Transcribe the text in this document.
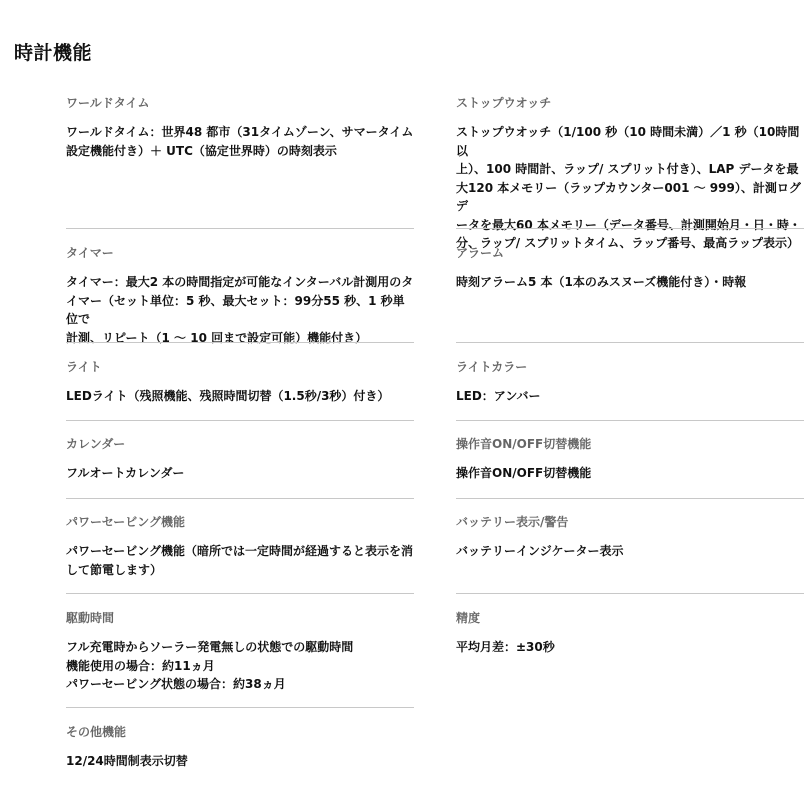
時計機能
ワールドタイム
ワールドタイム：世界48 都市（31タイムゾーン、サマータイム
設定機能付き）＋ UTC（協定世界時）の時刻表示
ストップウオッチ
ストップウオッチ（1/100 秒（10 時間未満）／1 秒（10時間以
上）、100 時間計、ラップ/ スプリット付き）、LAP データを最
大120 本メモリー（ラップカウンター001 ～ 999）、計測ログデ
ータを最大60 本メモリー（データ番号、計測開始月・日・時・
分、ラップ/ スプリットタイム、ラップ番号、最高ラップ表示）
タイマー
タイマー：最大2 本の時間指定が可能なインターバル計測用のタ
イマー（セット単位：5 秒、最大セット：99分55 秒、1 秒単位で
計測、リピート（1 ～ 10 回まで設定可能）機能付き）
アラーム
時刻アラーム5 本（1本のみスヌーズ機能付き）・時報
ライト
LEDライト（残照機能、残照時間切替（1.5秒/3秒）付き）
ライトカラー
LED：アンバー
カレンダー
フルオートカレンダー
操作音ON/OFF切替機能
操作音ON/OFF切替機能
パワーセービング機能
パワーセービング機能（暗所では一定時間が経過すると表示を消
して節電します）
バッテリー表示/警告
バッテリーインジケーター表示
駆動時間
フル充電時からソーラー発電無しの状態での駆動時間
機能使用の場合：約11ヵ月
パワーセービング状態の場合：約38ヵ月
精度
平均月差：±30秒
その他機能
12/24時間制表示切替
